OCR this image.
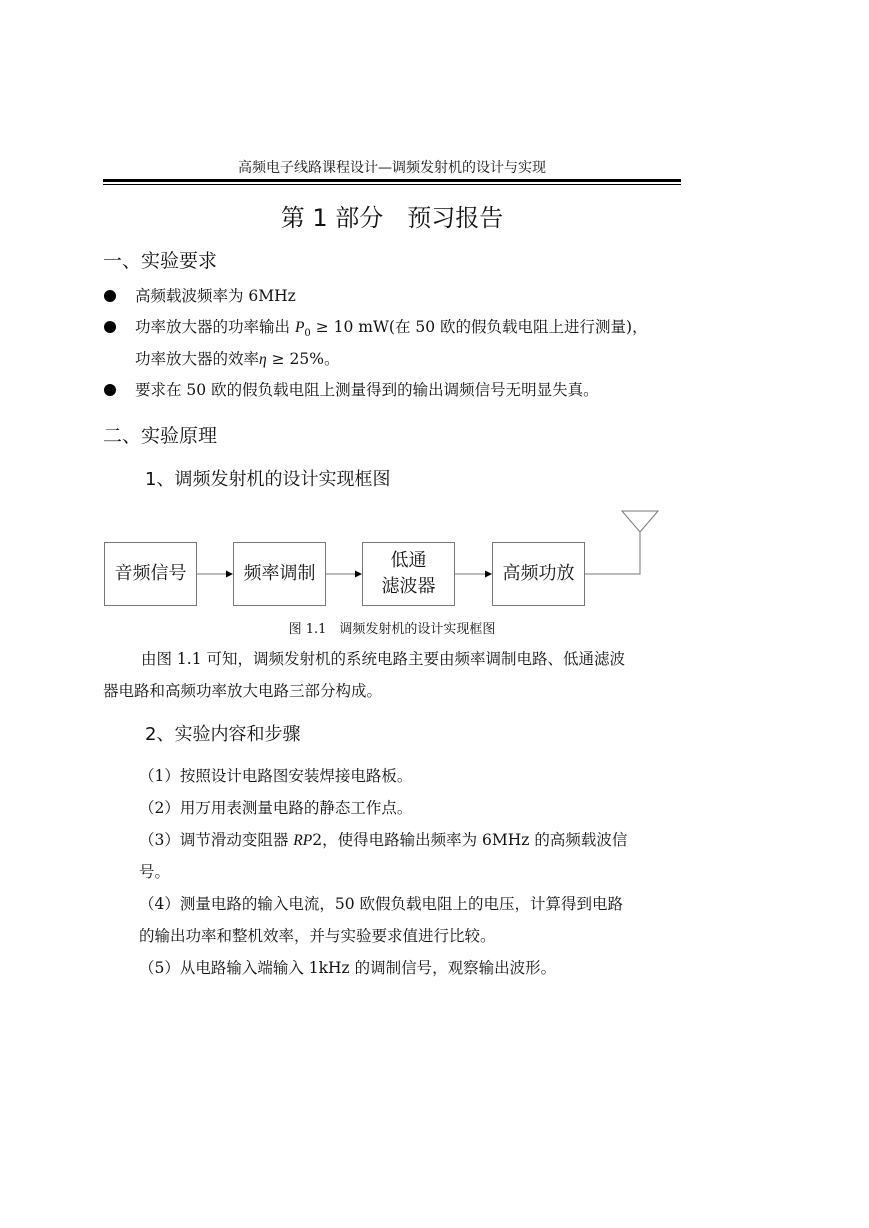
高频电子线路课程设计—调频发射机的设计与实现
第 1 部分　预习报告
一、实验要求
高频载波频率为 6MHz
功率放大器的功率输出 $P_0 \ge 10$ mW(在 50 欧的假负载电阻上进行测量)，
功率放大器的效率η ≥ 25%。
要求在 50 欧的假负载电阻上测量得到的输出调频信号无明显失真。
二、实验原理
1、调频发射机的设计实现框图
音频信号	频率调制
低通
滤波器
高频功放
图 1.1　调频发射机的设计实现框图
由图 1.1 可知，调频发射机的系统电路主要由频率调制电路、低通滤波
器电路和高频功率放大电路三部分构成。
2、实验内容和步骤
（1）按照设计电路图安装焊接电路板。
（2）用万用表测量电路的静态工作点。
（3）调节滑动变阻器 RP2，使得电路输出频率为 6MHz 的高频载波信
号。
（4）测量电路的输入电流，50 欧假负载电阻上的电压，计算得到电路
的输出功率和整机效率，并与实验要求值进行比较。
（5）从电路输入端输入 1kHz 的调制信号，观察输出波形。
